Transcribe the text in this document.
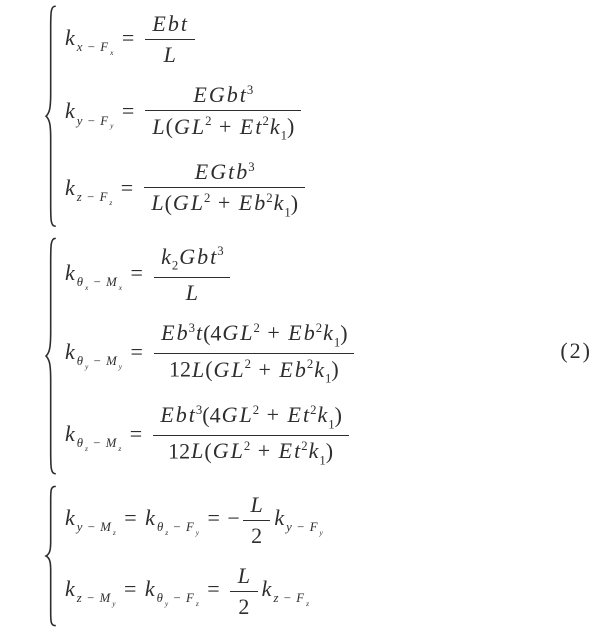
k $_{x - F _x}$=
Ebt
L
k $_{y - F _y}$=
EGbt$^3$
$L(GL^2 + Et^2k_1)$
k $_{z - F _z}$=
EGtb$^3$
$L(GL^2 + Eb^2k_1)$
k $_{\theta _x - M _x}$=
$k_2Gbt^3$
L
k $_{\theta _y - M _y}= \frac{Eb^3t(4GL^2 + Eb^2k_1)}{12L(GL^2 + Eb^2k_1)}$
k $_{\theta _z - M _z}$=
$Ebt^3(4GL^2 + Et^2k_1)$
$12L(GL^2 + Et^2k_1)$
k $_{y - M _z}$= k $_{\theta _z - F _y}= - \frac{L}{2}$ k $_{y - F _y}$
k $_{z - M _y}$= k $_{\theta _y - F _z}= \frac{L}{2}$ k $_{z - F _z}$
(2)
